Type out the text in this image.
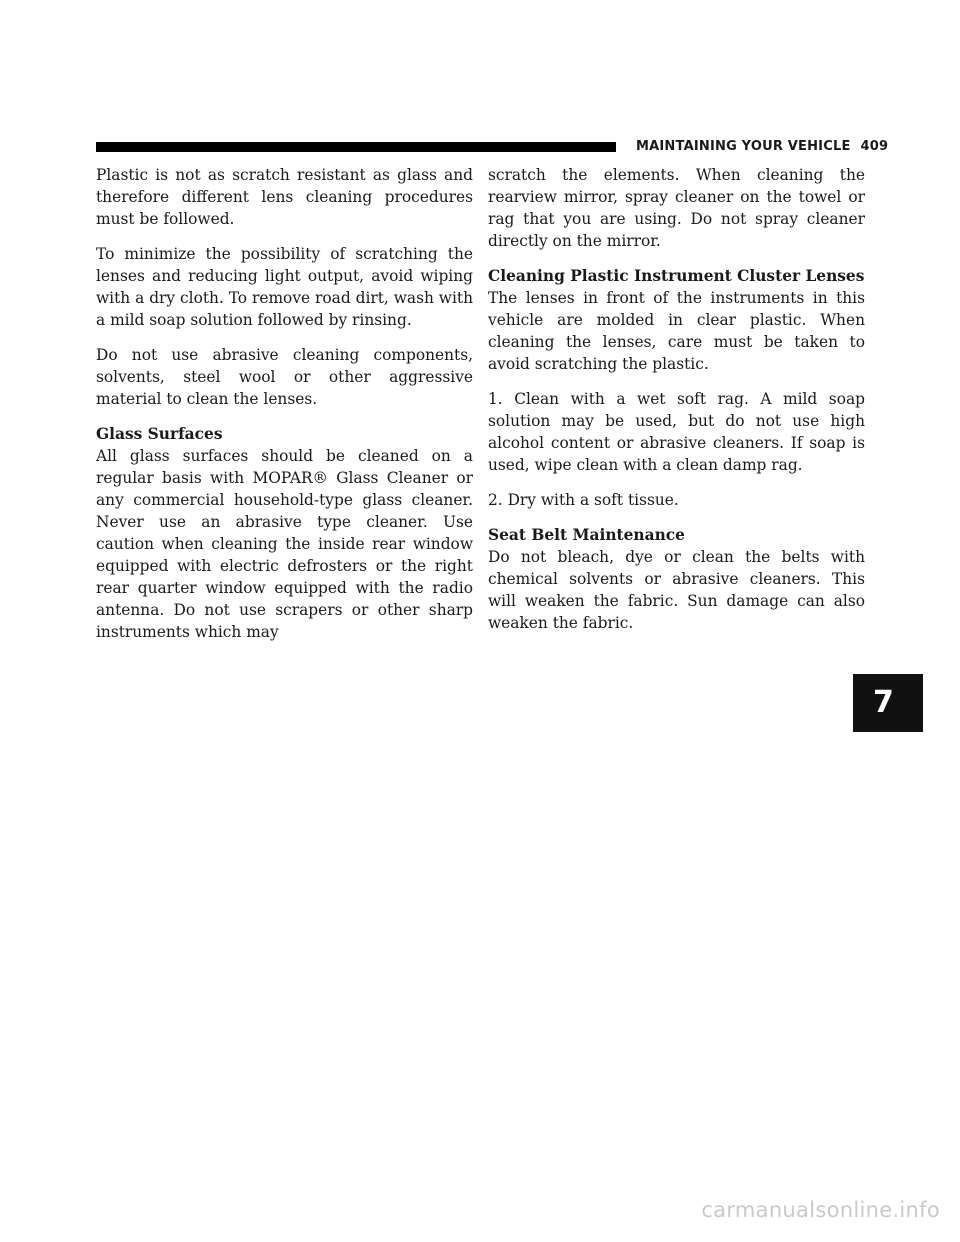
MAINTAINING YOUR VEHICLE 409

Plastic is not as scratch resistant as glass and therefore different lens cleaning procedures must be followed.

To minimize the possibility of scratching the lenses and reducing light output, avoid wiping with a dry cloth. To remove road dirt, wash with a mild soap solution followed by rinsing.

Do not use abrasive cleaning components, solvents, steel wool or other aggressive material to clean the lenses.

Glass Surfaces

All glass surfaces should be cleaned on a regular basis with MOPAR® Glass Cleaner or any commercial household-type glass cleaner. Never use an abrasive type cleaner. Use caution when cleaning the inside rear window equipped with electric defrosters or the right rear quarter window equipped with the radio antenna. Do not use scrapers or other sharp instruments which may

scratch the elements. When cleaning the rearview mirror, spray cleaner on the towel or rag that you are using. Do not spray cleaner directly on the mirror.

Cleaning Plastic Instrument Cluster Lenses

The lenses in front of the instruments in this vehicle are molded in clear plastic. When cleaning the lenses, care must be taken to avoid scratching the plastic.

1. Clean with a wet soft rag. A mild soap solution may be used, but do not use high alcohol content or abrasive cleaners. If soap is used, wipe clean with a clean damp rag.

2. Dry with a soft tissue.

Seat Belt Maintenance

Do not bleach, dye or clean the belts with chemical solvents or abrasive cleaners. This will weaken the fabric. Sun damage can also weaken the fabric.

7
carmanualsonline.info
